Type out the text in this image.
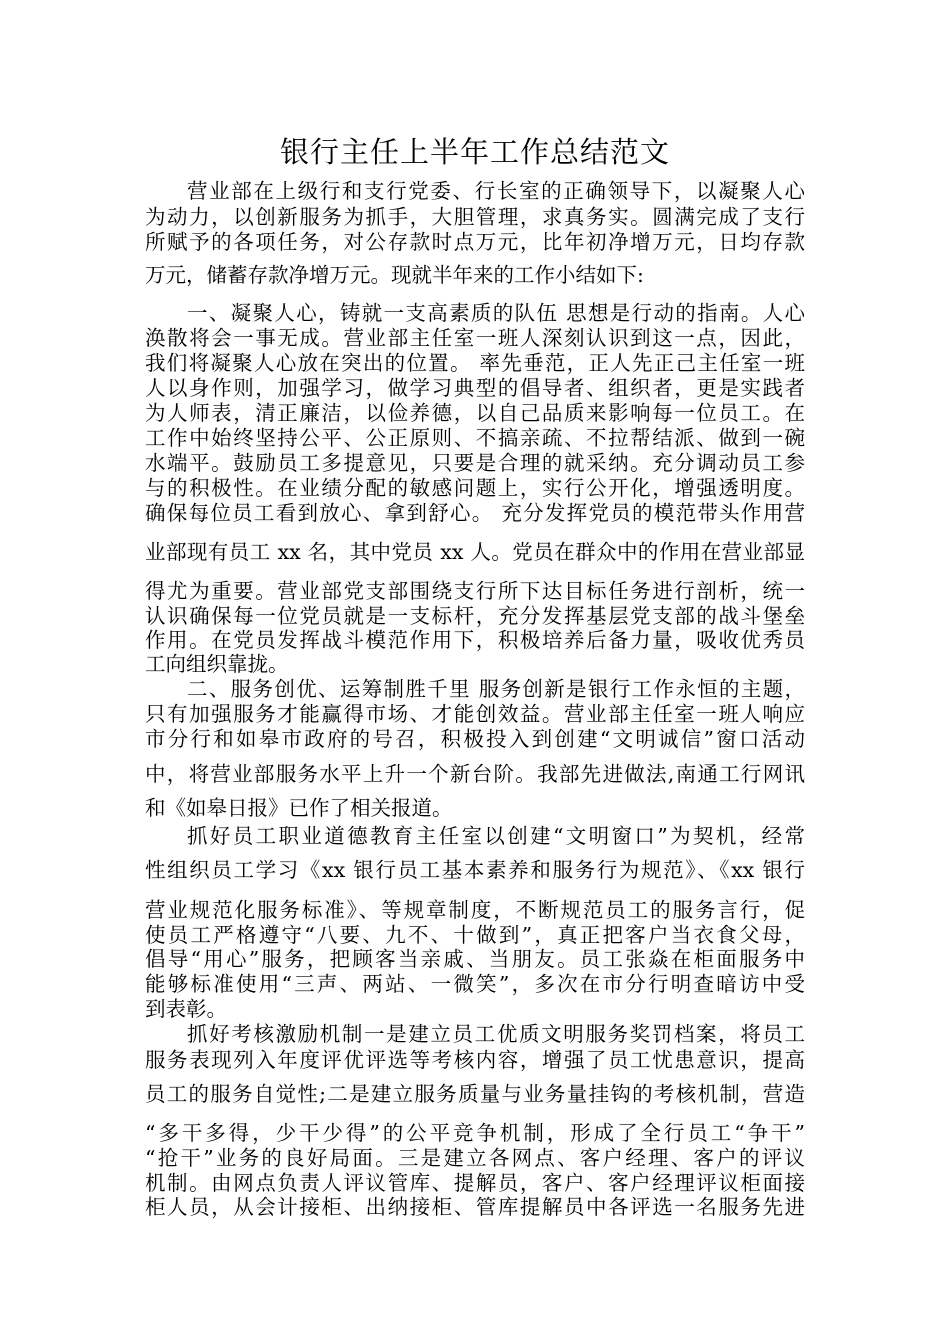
银行主任上半年工作总结范文
营业部在上级行和支行党委、行长室的正确领导下，以凝聚人心
为动力，以创新服务为抓手，大胆管理，求真务实。圆满完成了支行
所赋予的各项任务，对公存款时点万元，比年初净增万元，日均存款
万元，储蓄存款净增万元。现就半年来的工作小结如下:
一、凝聚人心，铸就一支高素质的队伍 思想是行动的指南。人心
涣散将会一事无成。营业部主任室一班人深刻认识到这一点，因此，
我们将凝聚人心放在突出的位置。 率先垂范，正人先正己主任室一班
人以身作则，加强学习，做学习典型的倡导者、组织者，更是实践者
为人师表，清正廉洁，以俭养德，以自己品质来影响每一位员工。在
工作中始终坚持公平、公正原则、不搞亲疏、不拉帮结派、做到一碗
水端平。鼓励员工多提意见，只要是合理的就采纳。充分调动员工参
与的积极性。在业绩分配的敏感问题上，实行公开化，增强透明度。
确保每位员工看到放心、拿到舒心。 充分发挥党员的模范带头作用营
业部现有员工 xx 名，其中党员 xx 人。党员在群众中的作用在营业部显
得尤为重要。营业部党支部围绕支行所下达目标任务进行剖析，统一
认识确保每一位党员就是一支标杆，充分发挥基层党支部的战斗堡垒
作用。在党员发挥战斗模范作用下，积极培养后备力量，吸收优秀员
工向组织靠拢。
二、服务创优、运筹制胜千里 服务创新是银行工作永恒的主题，
只有加强服务才能赢得市场、才能创效益。营业部主任室一班人响应
市分行和如皋市政府的号召，积极投入到创建“文明诚信”窗口活动
中，将营业部服务水平上升一个新台阶。我部先进做法,南通工行网讯
和《如皋日报》已作了相关报道。
抓好员工职业道德教育主任室以创建“文明窗口”为契机，经常
性组织员工学习《xx 银行员工基本素养和服务行为规范》、《xx 银行
营业规范化服务标准》、等规章制度，不断规范员工的服务言行，促
使员工严格遵守“八要、九不、十做到”，真正把客户当衣食父母，
倡导“用心”服务，把顾客当亲戚、当朋友。员工张焱在柜面服务中
能够标准使用“三声、两站、一微笑”，多次在市分行明查暗访中受
到表彰。
抓好考核激励机制一是建立员工优质文明服务奖罚档案，将员工
服务表现列入年度评优评选等考核内容，增强了员工忧患意识，提高
员工的服务自觉性;二是建立服务质量与业务量挂钩的考核机制，营造
“多干多得，少干少得”的公平竞争机制，形成了全行员工“争干”
“抢干”业务的良好局面。三是建立各网点、客户经理、客户的评议
机制。由网点负责人评议管库、提解员，客户、客户经理评议柜面接
柜人员，从会计接柜、出纳接柜、管库提解员中各评选一名服务先进
